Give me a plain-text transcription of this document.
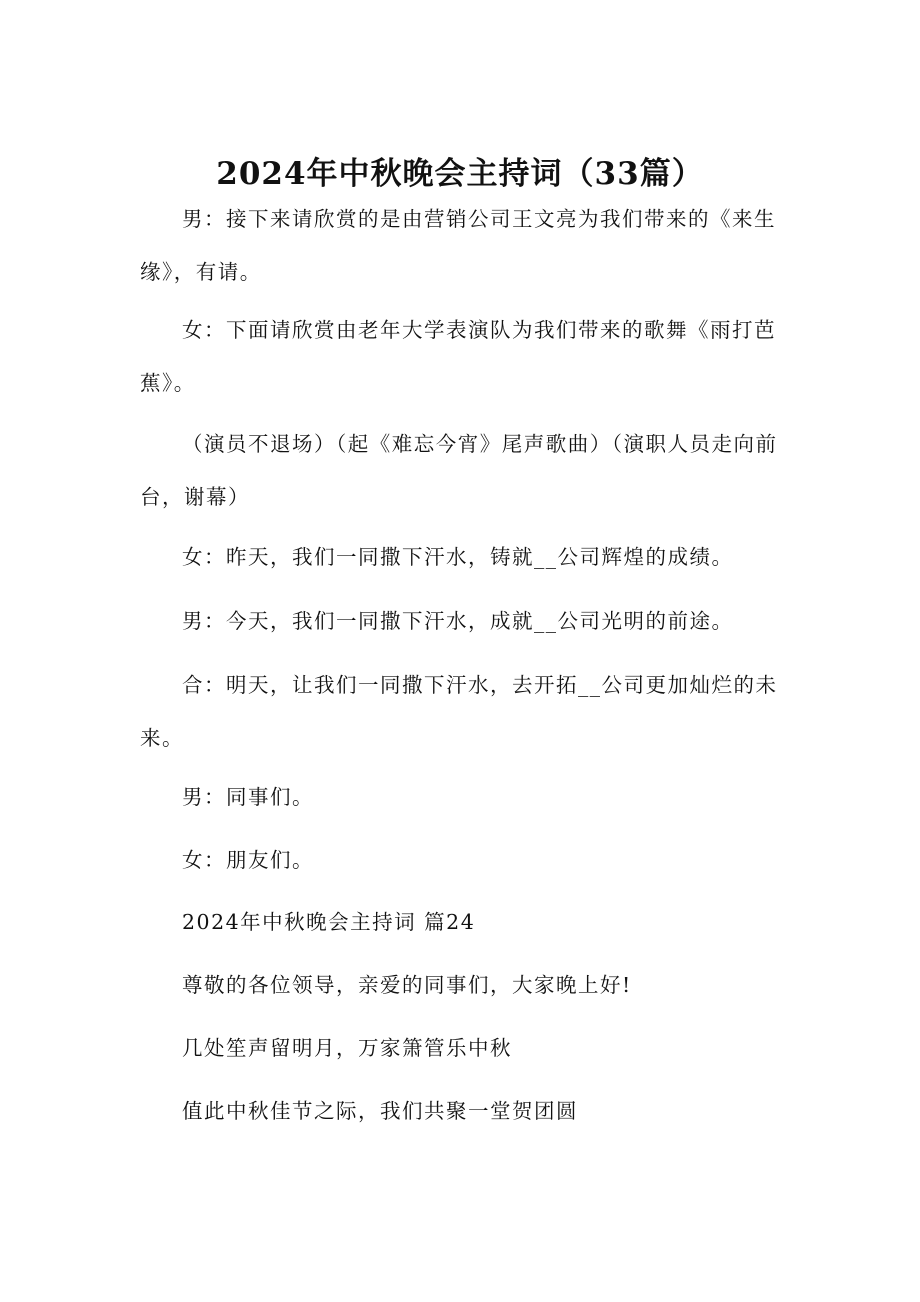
2024年中秋晚会主持词（33篇）

男：接下来请欣赏的是由营销公司王文亮为我们带来的《来生缘》，有请。

女：下面请欣赏由老年大学表演队为我们带来的歌舞《雨打芭蕉》。

（演员不退场）（起《难忘今宵》尾声歌曲）（演职人员走向前台，谢幕）

女：昨天，我们一同撒下汗水，铸就__公司辉煌的成绩。

男：今天，我们一同撒下汗水，成就__公司光明的前途。

合：明天，让我们一同撒下汗水，去开拓__公司更加灿烂的未来。

男：同事们。

女：朋友们。

2024年中秋晚会主持词 篇24

尊敬的各位领导，亲爱的同事们，大家晚上好!

几处笙声留明月，万家箫管乐中秋

值此中秋佳节之际，我们共聚一堂贺团圆
